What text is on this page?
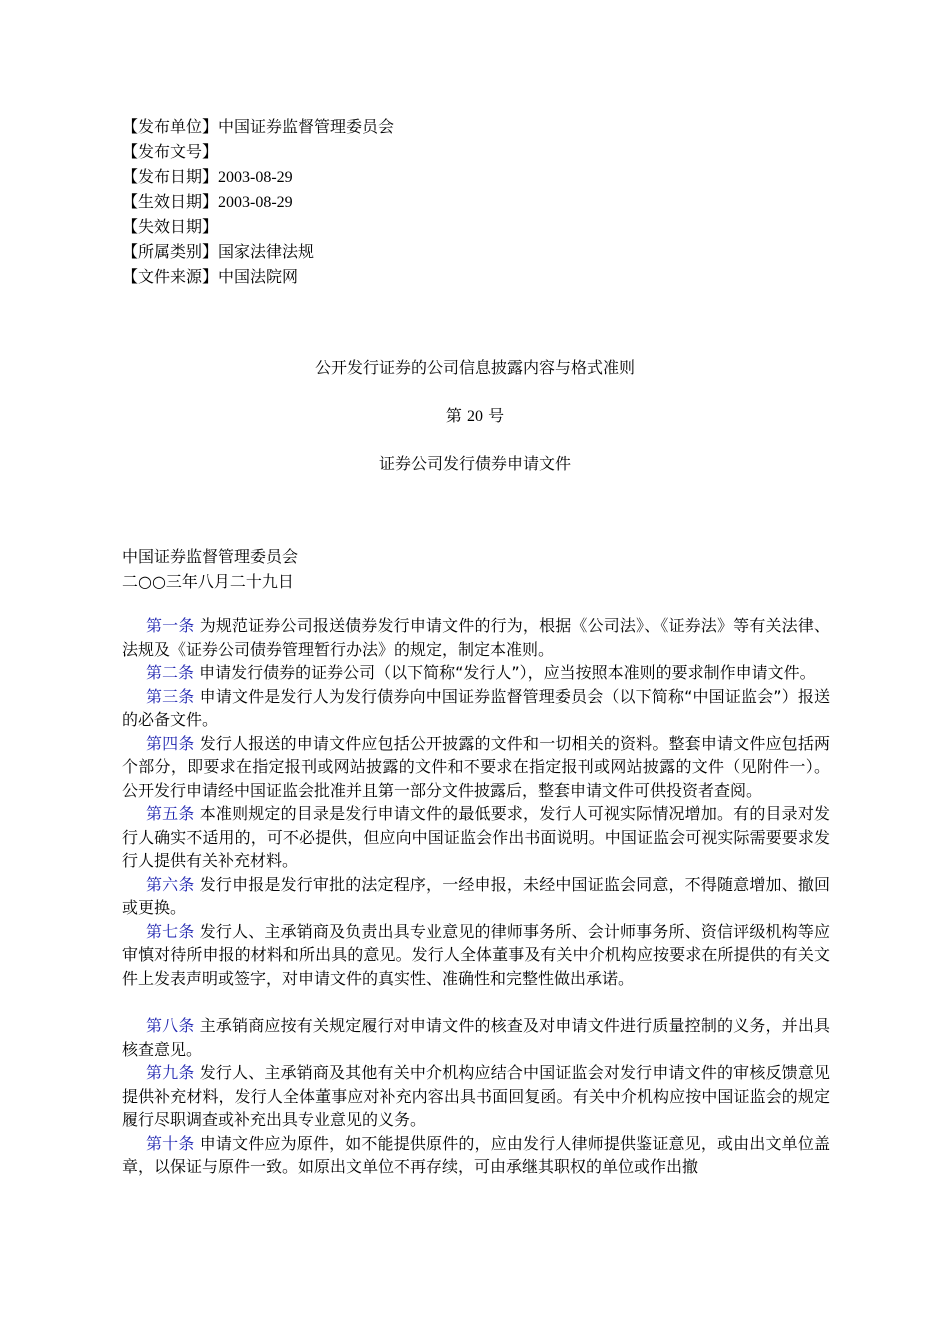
【发布单位】中国证券监督管理委员会
【发布文号】
【发布日期】2003-08-29
【生效日期】2003-08-29
【失效日期】
【所属类别】国家法律法规
【文件来源】中国法院网
公开发行证券的公司信息披露内容与格式准则
第 20 号
证券公司发行债券申请文件
中国证券监督管理委员会
二○○三年八月二十九日

第一条 为规范证券公司报送债券发行申请文件的行为，根据《公司法》、《证券法》等有关法律、法规及《证券公司债券管理暂行办法》的规定，制定本准则。

第二条 申请发行债券的证券公司（以下简称“发行人”），应当按照本准则的要求制作申请文件。

第三条 申请文件是发行人为发行债券向中国证券监督管理委员会（以下简称“中国证监会”）报送的必备文件。

第四条 发行人报送的申请文件应包括公开披露的文件和一切相关的资料。整套申请文件应包括两个部分，即要求在指定报刊或网站披露的文件和不要求在指定报刊或网站披露的文件（见附件一）。公开发行申请经中国证监会批准并且第一部分文件披露后，整套申请文件可供投资者查阅。

第五条 本准则规定的目录是发行申请文件的最低要求，发行人可视实际情况增加。有的目录对发行人确实不适用的，可不必提供，但应向中国证监会作出书面说明。中国证监会可视实际需要要求发行人提供有关补充材料。

第六条 发行申报是发行审批的法定程序，一经申报，未经中国证监会同意，不得随意增加、撤回或更换。

第七条 发行人、主承销商及负责出具专业意见的律师事务所、会计师事务所、资信评级机构等应审慎对待所申报的材料和所出具的意见。发行人全体董事及有关中介机构应按要求在所提供的有关文件上发表声明或签字，对申请文件的真实性、准确性和完整性做出承诺。

第八条 主承销商应按有关规定履行对申请文件的核查及对申请文件进行质量控制的义务，并出具核查意见。

第九条 发行人、主承销商及其他有关中介机构应结合中国证监会对发行申请文件的审核反馈意见提供补充材料，发行人全体董事应对补充内容出具书面回复函。有关中介机构应按中国证监会的规定履行尽职调查或补充出具专业意见的义务。

第十条 申请文件应为原件，如不能提供原件的，应由发行人律师提供鉴证意见，或由出文单位盖章，以保证与原件一致。如原出文单位不再存续，可由承继其职权的单位或作出撤
